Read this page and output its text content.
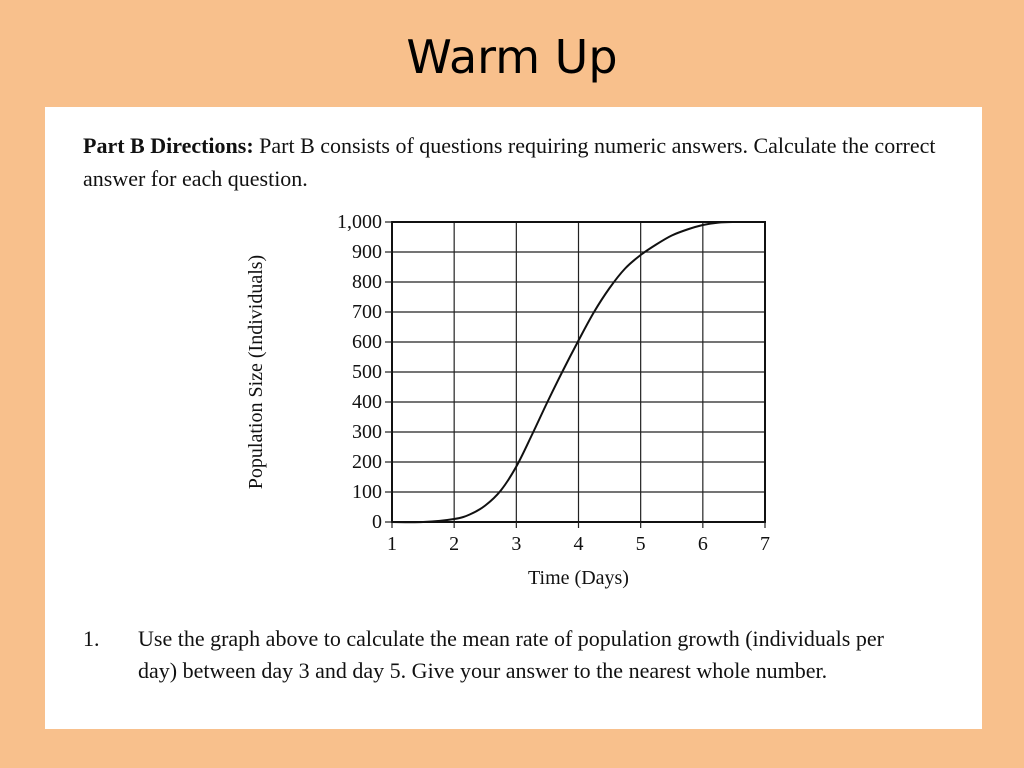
Warm Up
Part B Directions: Part B consists of questions requiring numeric answers. Calculate the correct answer for each question.
1	2	3	4	5	6	7
0
100
200
300
400
500
600
700
800
900
1,000
Time (Days)
Population Size (Individuals)
1. Use the graph above to calculate the mean rate of population growth (individuals per day) between day 3 and day 5. Give your answer to the nearest whole number.
